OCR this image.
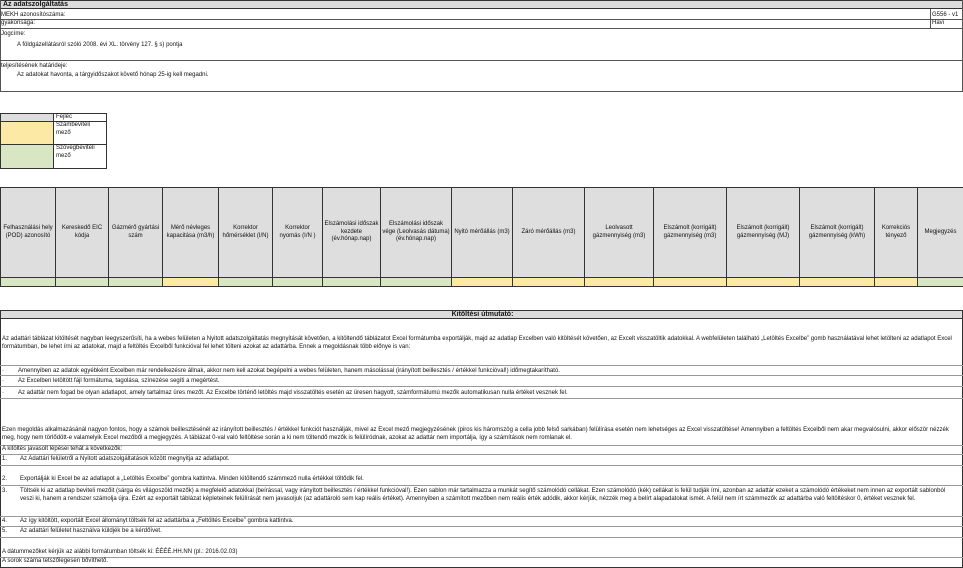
Az adatszolgáltatás
MEKH azonosítószáma:	G556 - v1
gyakorisága:	Havi
Jogcíme:
A földgázellátásról szóló 2008. évi XL. törvény 127. § s) pontja
teljesítésének határideje:
Az adatokat havonta, a tárgyidőszakot követő hónap 25-ig kell megadni.
Fejléc
Számbeviteli mező
Szövegbeviteli mező
Felhasználási hely (POD) azonosító
Kereskedő EIC kódja
Gázmérő gyártási szám
Mérő névleges kapacitása (m3/h)
Korrektor hőmérséklet (I/N)
Korrektor nyomás (I/N )
Elszámolási időszak kezdete (év.hónap.nap)
Elszámolási időszak vége (Leolvasás dátuma) (év.hónap.nap)
Nyitó mérőállás (m3) Záró mérőállás (m3)
Leolvasott gázmennyiség (m3)
Elszámolt (korrigált) gázmennyiség (m3)
Elszámolt (korrigált) gázmennyiség (MJ)
Elszámolt (korrigált) gázmennyiség (kWh)
Korrekciós tényező
Megjegyzés
Kitöltési útmutató:
Az adattári táblázat kitöltését nagyban leegyszerűsíti, ha a webes felületen a Nyitott adatszolgáltatás megnyitását követően, a kitöltendő táblázatot Excel formátumba exportálják, majd az adatlap Excelben való kitöltését követően, az Excelt visszatöltik adatokkal. A webfelületen található „Letöltés Excelbe” gomb használatával lehet letölteni az adatlapot Excel formátumban, be lehet írni az adatokat, majd a feltöltés Excelből funkcióval fel lehet tölteni azokat az adattárba. Ennek a megoldásnak több előnye is van:
· Amennyiben az adatok egyébként Excelben már rendelkezésre állnak, akkor nem kell azokat begépelni a webes felületen, hanem másolással (irányított beillesztés / értékkel funkcióval!) időmegtakarítható.
· Az Excelben letöltött fájl formátuma, tagolása, színezése segíti a megértést.
· Az adattár nem fogad be olyan adatlapot, amely tartalmaz üres mezőt. Az Excelbe történő letöltés majd visszatöltés esetén az üresen hagyott, számformátumú mezők automatikusan nulla értéket vesznek fel.
Ezen megoldás alkalmazásánál nagyon fontos, hogy a számok beillesztésénél az irányított beillesztés / értékkel funkciót használják, mivel az Excel mező megjegyzésének (piros kis háromszög a cella jobb felső sarkában) felülírása esetén nem lehetséges az Excel visszatöltése! Amennyiben a feltöltés Excelből nem akar megvalósulni, akkor először nézzék meg, hogy nem törlődött-e valamelyik Excel mezőből a megjegyzés. A táblázat 0-val való feltöltése során a ki nem töltendő mezők is felülíródnak, azokat az adattár nem importálja, így a számítások nem romlanak el.
A kitöltés javasolt lépései tehát a következők:
1. Az Adattári felületről a Nyitott adatszolgáltatások között megnyitja az adatlapot.
2. Exportálják ki Excel be az adatlapot a „Letöltés Excelbe” gombra kattintva. Minden kitöltendő számmező nulla értékkel töltődik fel.
3. Töltsék ki az adatlap beviteli mezőit (sárga és világoszöld mezők) a megfelelő adatokkal (beírással, vagy irányított beillesztés / értékkel funkcióval!). Ezen sablon már tartalmazza a munkát segítő számolódó cellákat. Ezen számolódó (kék) cellákat is felül tudják írni, azonban az adattár ezeket a számolódó értékeket nem innen az exportált sablonból veszi ki, hanem a rendszer számolja újra. Ezért az exportált táblázat képleteinek felülírását nem javasoljuk (az adattároló sem kap reális értéket). Amennyiben a számított mezőben nem reális érték adódik, akkor kérjük, nézzék meg a belírt alapadatokat ismét. A felül nem írt számmezők az adattárba való feltöltéskor 0, értéket vesznek fel.
4. Az így kitöltött, exportált Excel állományt töltsék fel az adattárba a „Feltöltés Excelbe” gombra kattintva.
5. Az adattári felületet használva küldjék be a kérdőívet.
A dátummezőket kérjük az alábbi formátumban töltsék ki: ÉÉÉÉ.HH.NN (pl.: 2016.02.03)
A sorok száma tetszőlegesen bővíthető.
